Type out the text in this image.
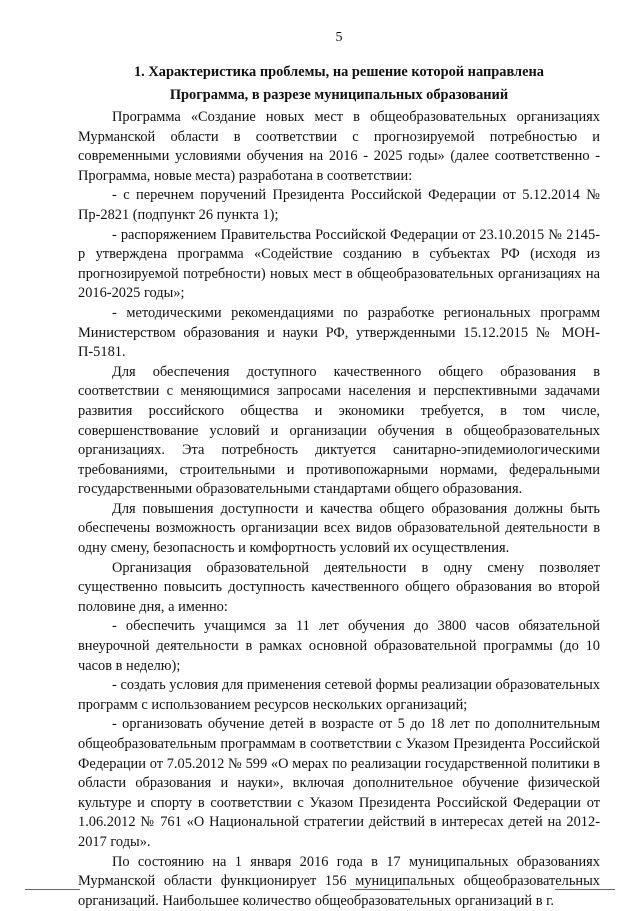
5
1. Характеристика проблемы, на решение которой направлена
Программа, в разрезе муниципальных образований

Программа «Создание новых мест в общеобразовательных организациях Мурманской области в соответствии с прогнозируемой потребностью и современными условиями обучения на 2016 - 2025 годы» (далее соответственно - Программа, новые места) разработана в соответствии:

- с перечнем поручений Президента Российской Федерации от 5.12.2014 № Пр-2821 (подпункт 26 пункта 1);

- распоряжением Правительства Российской Федерации от 23.10.2015 № 2145-р утверждена программа «Содействие созданию в субъектах РФ (исходя из прогнозируемой потребности) новых мест в общеобразовательных организациях на 2016-2025 годы»;

- методическими рекомендациями по разработке региональных программ Министерством образования и науки РФ, утвержденными 15.12.2015 № МОН-П-5181.

Для обеспечения доступного качественного общего образования в соответствии с меняющимися запросами населения и перспективными задачами развития российского общества и экономики требуется, в том числе, совершенствование условий и организации обучения в общеобразовательных организациях. Эта потребность диктуется санитарно-эпидемиологическими требованиями, строительными и противопожарными нормами, федеральными государственными образовательными стандартами общего образования.

Для повышения доступности и качества общего образования должны быть обеспечены возможность организации всех видов образовательной деятельности в одну смену, безопасность и комфортность условий их осуществления.

Организация образовательной деятельности в одну смену позволяет существенно повысить доступность качественного общего образования во второй половине дня, а именно:

- обеспечить учащимся за 11 лет обучения до 3800 часов обязательной внеурочной деятельности в рамках основной образовательной программы (до 10 часов в неделю);

- создать условия для применения сетевой формы реализации образовательных программ с использованием ресурсов нескольких организаций;

- организовать обучение детей в возрасте от 5 до 18 лет по дополнительным общеобразовательным программам в соответствии с Указом Президента Российской Федерации от 7.05.2012 № 599 «О мерах по реализации государственной политики в области образования и науки», включая дополнительное обучение физической культуре и спорту в соответствии с Указом Президента Российской Федерации от 1.06.2012 № 761 «О Национальной стратегии действий в интересах детей на 2012-2017 годы».

По состоянию на 1 января 2016 года в 17 муниципальных образованиях Мурманской области функционирует 156 муниципальных общеобразовательных организаций. Наибольшее количество общеобразовательных организаций в г.
